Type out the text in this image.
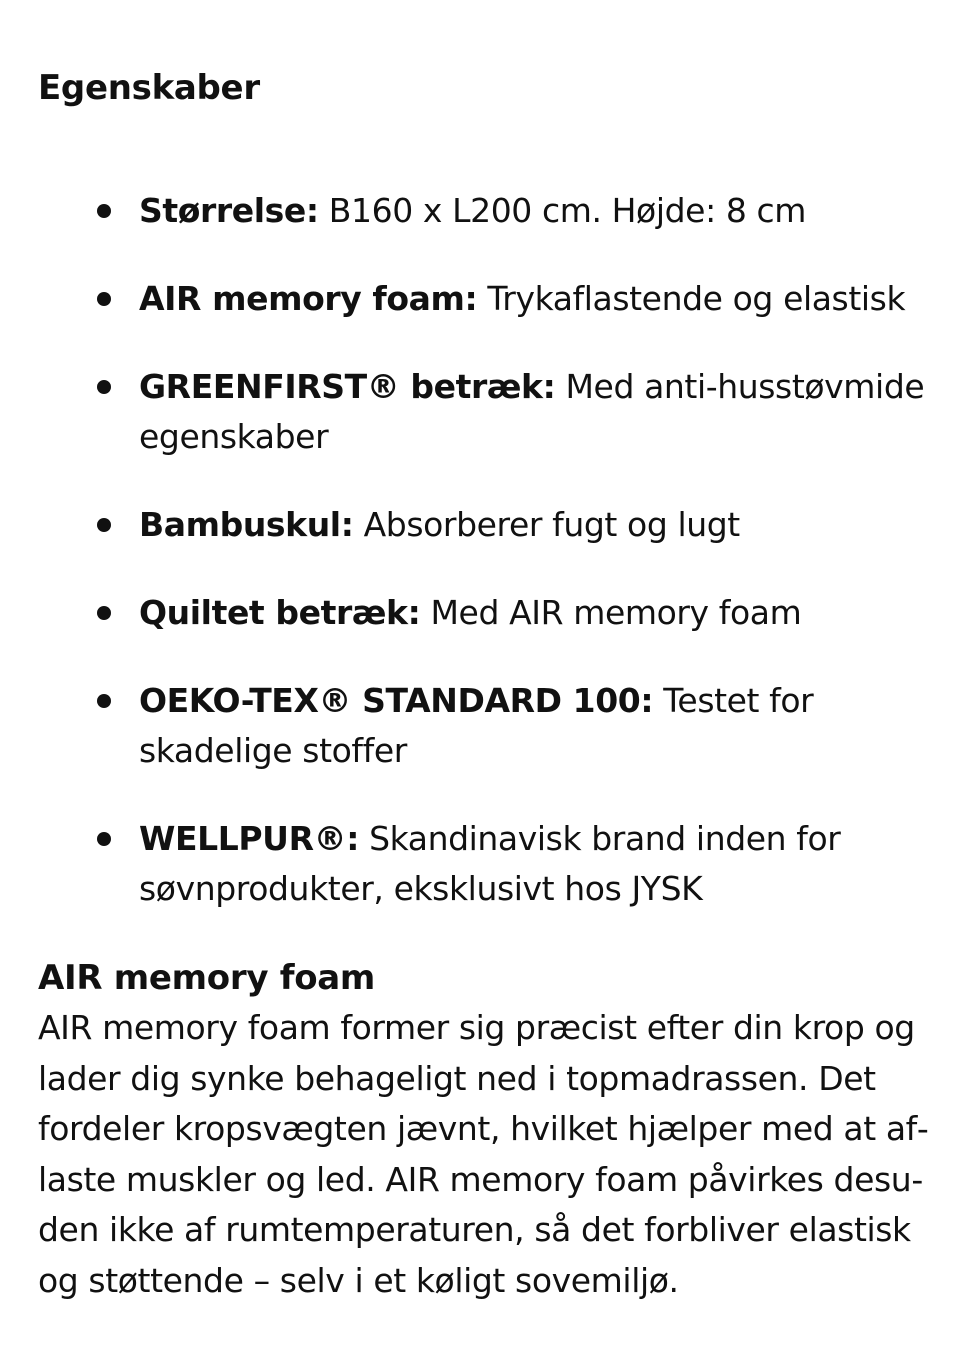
Egenskaber
Størrelse: B160 x L200 cm. Højde: 8 cm
AIR memory foam: Trykaflastende og elastisk
GREENFIRST® betræk: Med anti-husstøvmide egenskaber
Bambuskul: Absorberer fugt og lugt
Quiltet betræk: Med AIR memory foam
OEKO-TEX® STANDARD 100: Testet for skadelige stoffer
WELLPUR®: Skandinavisk brand inden for søvnprodukter, eksklusivt hos JYSK
AIR memory foam

AIR memory foam former sig præcist efter din krop og lader dig synke behageligt ned i topmadrassen. Det fordeler kropsvægten jævnt, hvilket hjælper med at aflaste muskler og led. AIR memory foam påvirkes desuden ikke af rumtemperaturen, så det forbliver elastisk og støttende – selv i et køligt sovemiljø.
